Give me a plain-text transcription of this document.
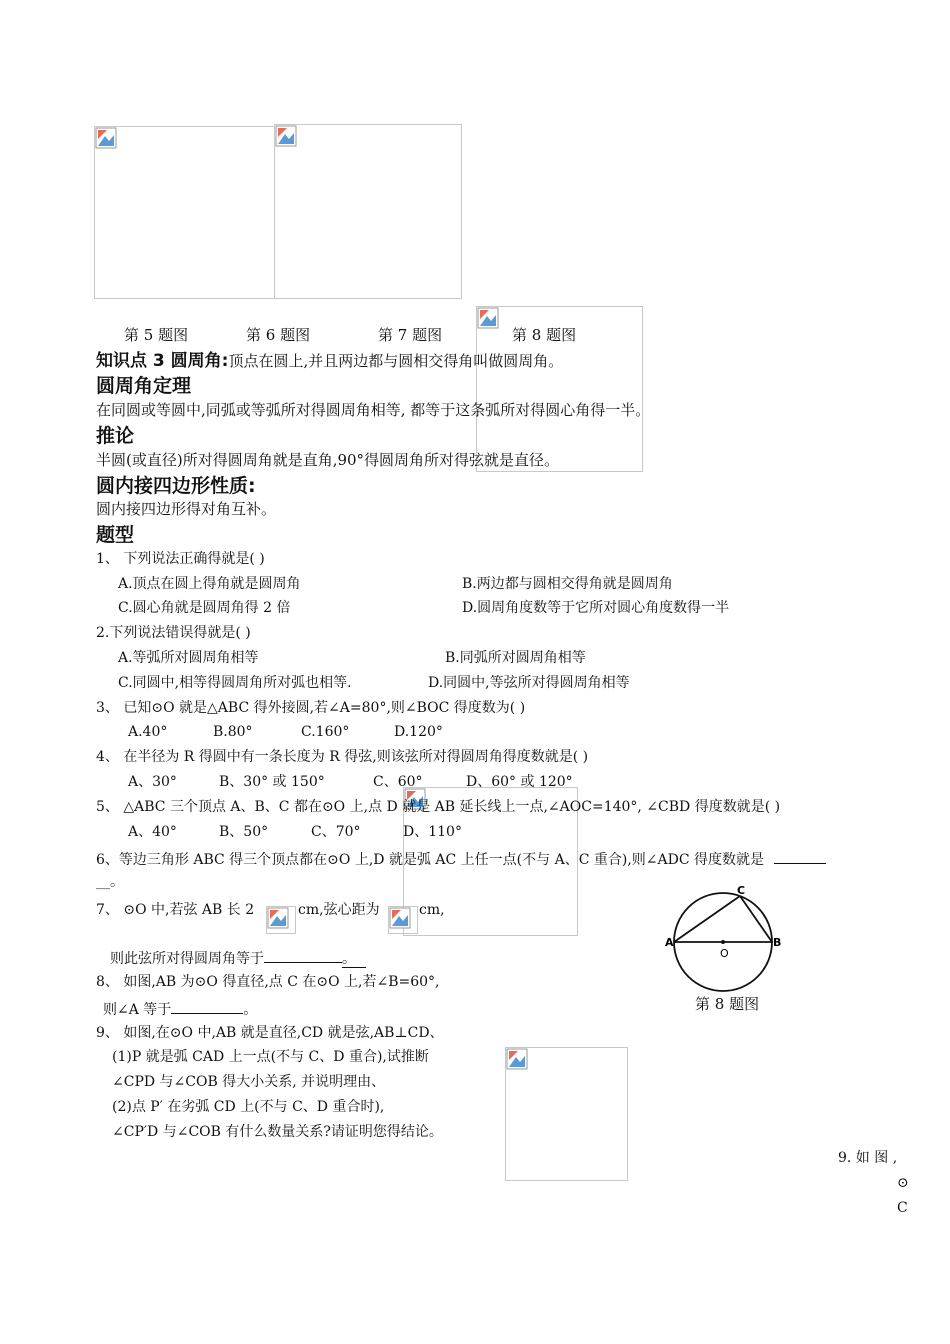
第 5 题图	第 6 题图	第 7 题图	第 8 题图
知识点 3 圆周角:顶点在圆上,并且两边都与圆相交得角叫做圆周角。
圆周角定理
在同圆或等圆中,同弧或等弧所对得圆周角相等, 都等于这条弧所对得圆心角得一半。
推论
半圆(或直径)所对得圆周角就是直角,90°得圆周角所对得弦就是直径。
圆内接四边形性质:
圆内接四边形得对角互补。
题型
1、 下列说法正确得就是( )
A.顶点在圆上得角就是圆周角	B.两边都与圆相交得角就是圆周角
C.圆心角就是圆周角得 2 倍	D.圆周角度数等于它所对圆心角度数得一半
2.下列说法错误得就是( )
A.等弧所对圆周角相等	B.同弧所对圆周角相等
C.同圆中,相等得圆周角所对弧也相等.	D.同圆中,等弦所对得圆周角相等
3、 已知⊙O 就是△ABC 得外接圆,若∠A=80°,则∠BOC 得度数为( )
A.40°	B.80°	C.160°	D.120°
4、 在半径为 R 得圆中有一条长度为 R 得弦,则该弦所对得圆周角得度数就是( )
A、30°	B、30° 或 150°	C、60°	D、60° 或 120°
5、 △ABC 三个顶点 A、B、C 都在⊙O 上,点 D 就是 AB 延长线上一点,∠AOC=140°, ∠CBD 得度数就是( )
A、40°	B、50°	C、70°	D、110°
6、等边三角形 ABC 得三个顶点都在⊙O 上,D 就是弧 AC 上任一点(不与 A、C 重合),则∠ADC 得度数就是
__。
7、 ⊙O 中,若弦 AB 长 2	cm,弦心距为	cm,
则此弦所对得圆周角等于	。
8、 如图,AB 为⊙O 得直径,点 C 在⊙O 上,若∠B=60°,
则∠A 等于	。
9、 如图,在⊙O 中,AB 就是直径,CD 就是弦,AB⊥CD、
(1)P 就是弧 CAD 上一点(不与 C、D 重合),试推断
∠CPD 与∠COB 得大小关系, 并说明理由、
(2)点 P′ 在劣弧 CD 上(不与 C、D 重合时),
∠CP′D 与∠COB 有什么数量关系?请证明您得结论。
A	B
C
O
第 8 题图
9. 如 图 ,
⊙
C
